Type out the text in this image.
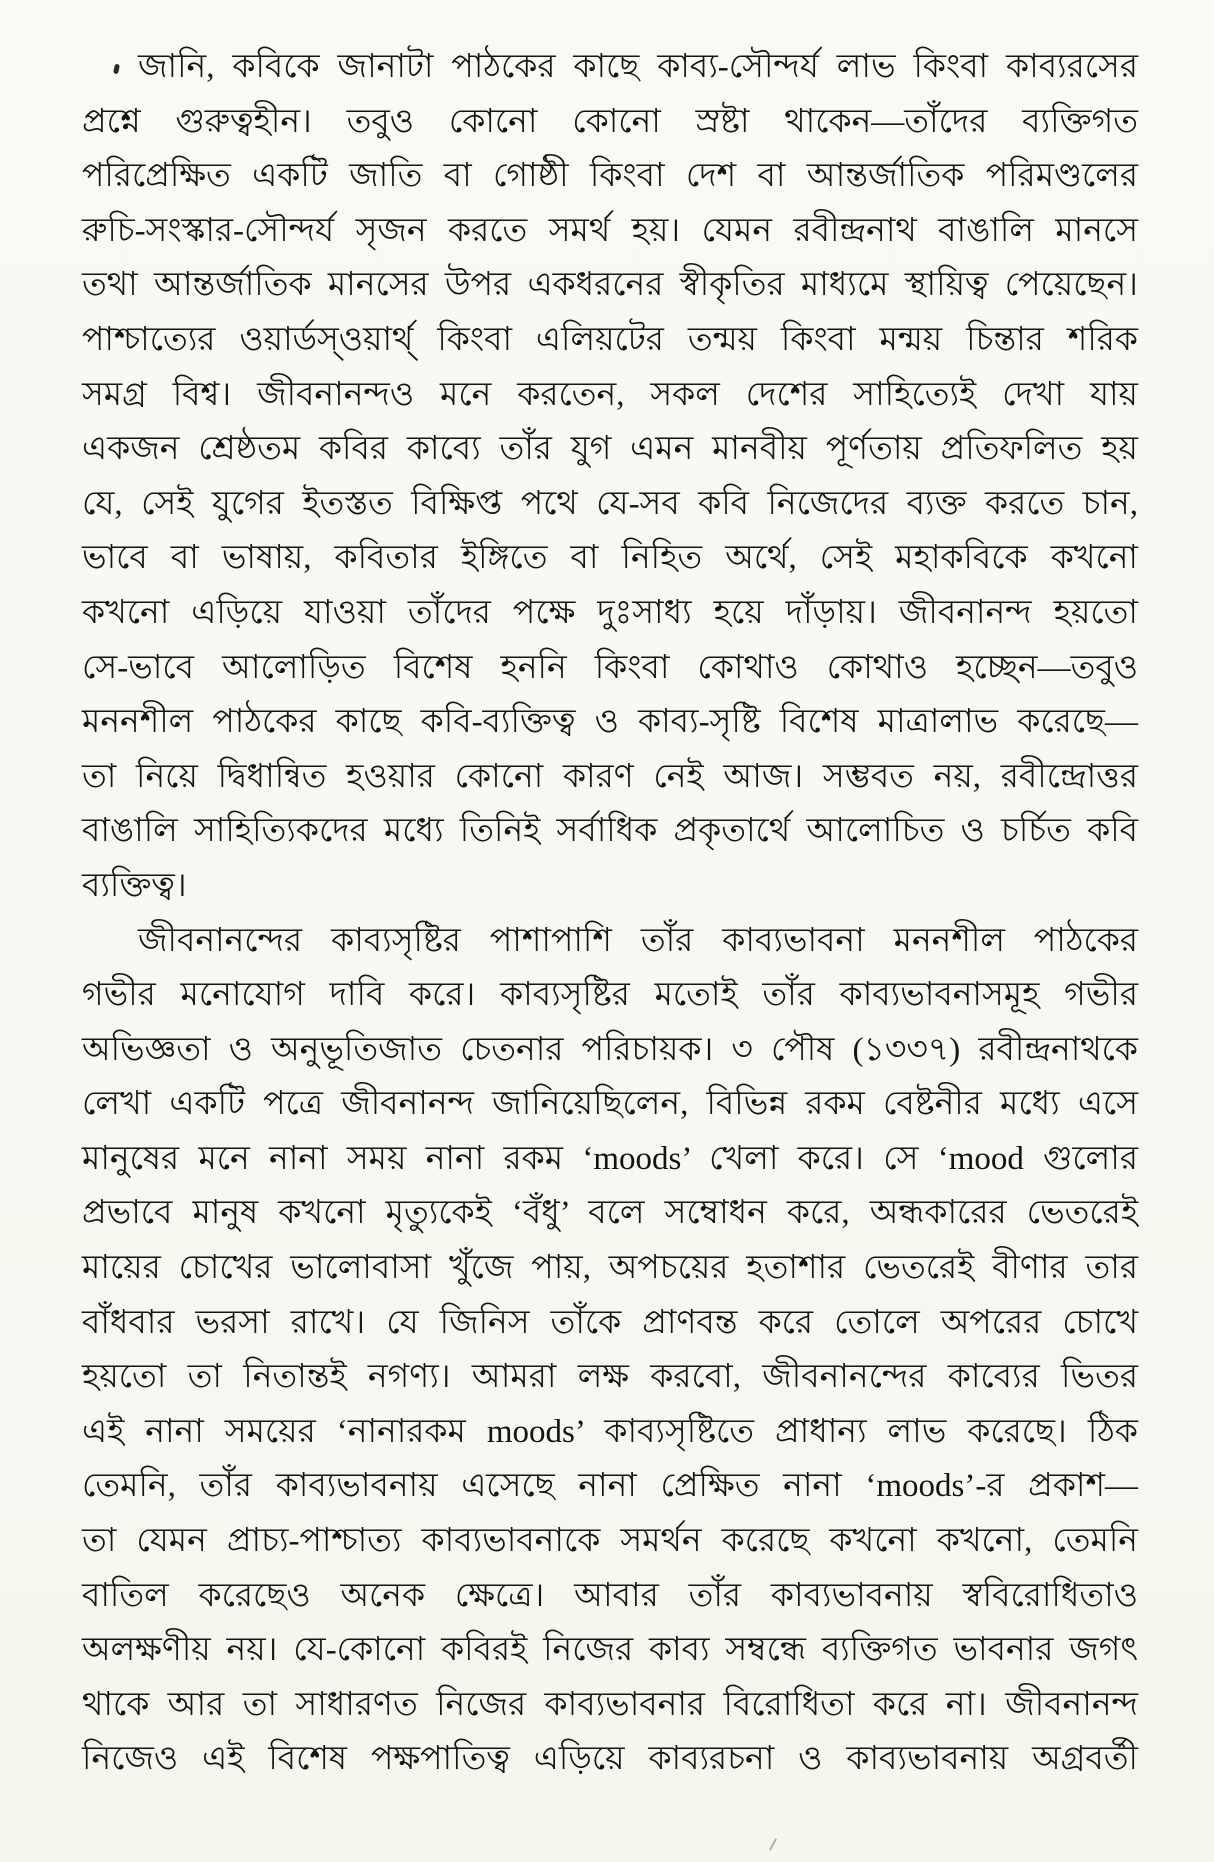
জানি, কবিকে জানাটা পাঠকের কাছে কাব্য-সৌন্দর্য লাভ কিংবা কাব্যরসের
প্রশ্নে গুরুত্বহীন। তবুও কোনো কোনো স্রষ্টা থাকেন—তাঁদের ব্যক্তিগত
পরিপ্রেক্ষিত একটি জাতি বা গোষ্ঠী কিংবা দেশ বা আন্তর্জাতিক পরিমণ্ডলের
রুচি-সংস্কার-সৌন্দর্য সৃজন করতে সমর্থ হয়। যেমন রবীন্দ্রনাথ বাঙালি মানসে
তথা আন্তর্জাতিক মানসের উপর একধরনের স্বীকৃতির মাধ্যমে স্থায়িত্ব পেয়েছেন।
পাশ্চাত্যের ওয়ার্ডস্‌ওয়ার্থ্‌ কিংবা এলিয়টের তন্ময় কিংবা মন্ময় চিন্তার শরিক
সমগ্র বিশ্ব। জীবনানন্দও মনে করতেন, সকল দেশের সাহিত্যেই দেখা যায়
একজন শ্রেষ্ঠতম কবির কাব্যে তাঁর যুগ এমন মানবীয় পূর্ণতায় প্রতিফলিত হয়
যে, সেই যুগের ইতস্তত বিক্ষিপ্ত পথে যে-সব কবি নিজেদের ব্যক্ত করতে চান,
ভাবে বা ভাষায়, কবিতার ইঙ্গিতে বা নিহিত অর্থে, সেই মহাকবিকে কখনো
কখনো এড়িয়ে যাওয়া তাঁদের পক্ষে দুঃসাধ্য হয়ে দাঁড়ায়। জীবনানন্দ হয়তো
সে-ভাবে আলোড়িত বিশেষ হননি কিংবা কোথাও কোথাও হচ্ছেন—তবুও
মননশীল পাঠকের কাছে কবি-ব্যক্তিত্ব ও কাব্য-সৃষ্টি বিশেষ মাত্রালাভ করেছে—
তা নিয়ে দ্বিধান্বিত হওয়ার কোনো কারণ নেই আজ। সম্ভবত নয়, রবীন্দ্রোত্তর
বাঙালি সাহিত্যিকদের মধ্যে তিনিই সর্বাধিক প্রকৃতার্থে আলোচিত ও চর্চিত কবি
ব্যক্তিত্ব।
জীবনানন্দের কাব্যসৃষ্টির পাশাপাশি তাঁর কাব্যভাবনা মননশীল পাঠকের
গভীর মনোযোগ দাবি করে। কাব্যসৃষ্টির মতোই তাঁর কাব্যভাবনাসমূহ গভীর
অভিজ্ঞতা ও অনুভূতিজাত চেতনার পরিচায়ক। ৩ পৌষ (১৩৩৭) রবীন্দ্রনাথকে
লেখা একটি পত্রে জীবনানন্দ জানিয়েছিলেন, বিভিন্ন রকম বেষ্টনীর মধ্যে এসে
মানুষের মনে নানা সময় নানা রকম ‘moods’ খেলা করে। সে ‘mood গুলোর
প্রভাবে মানুষ কখনো মৃত্যুকেই ‘বঁধু’ বলে সম্বোধন করে, অন্ধকারের ভেতরেই
মায়ের চোখের ভালোবাসা খুঁজে পায়, অপচয়ের হতাশার ভেতরেই বীণার তার
বাঁধবার ভরসা রাখে। যে জিনিস তাঁকে প্রাণবন্ত করে তোলে অপরের চোখে
হয়তো তা নিতান্তই নগণ্য। আমরা লক্ষ করবো, জীবনানন্দের কাব্যের ভিতর
এই নানা সময়ের ‘নানারকম moods’ কাব্যসৃষ্টিতে প্রাধান্য লাভ করেছে। ঠিক
তেমনি, তাঁর কাব্যভাবনায় এসেছে নানা প্রেক্ষিত নানা ‘moods’-র প্রকাশ—
তা যেমন প্রাচ্য-পাশ্চাত্য কাব্যভাবনাকে সমর্থন করেছে কখনো কখনো, তেমনি
বাতিল করেছেও অনেক ক্ষেত্রে। আবার তাঁর কাব্যভাবনায় স্ববিরোধিতাও
অলক্ষণীয় নয়। যে-কোনো কবিরই নিজের কাব্য সম্বন্ধে ব্যক্তিগত ভাবনার জগৎ
থাকে আর তা সাধারণত নিজের কাব্যভাবনার বিরোধিতা করে না। জীবনানন্দ
নিজেও এই বিশেষ পক্ষপাতিত্ব এড়িয়ে কাব্যরচনা ও কাব্যভাবনায় অগ্রবর্তী
